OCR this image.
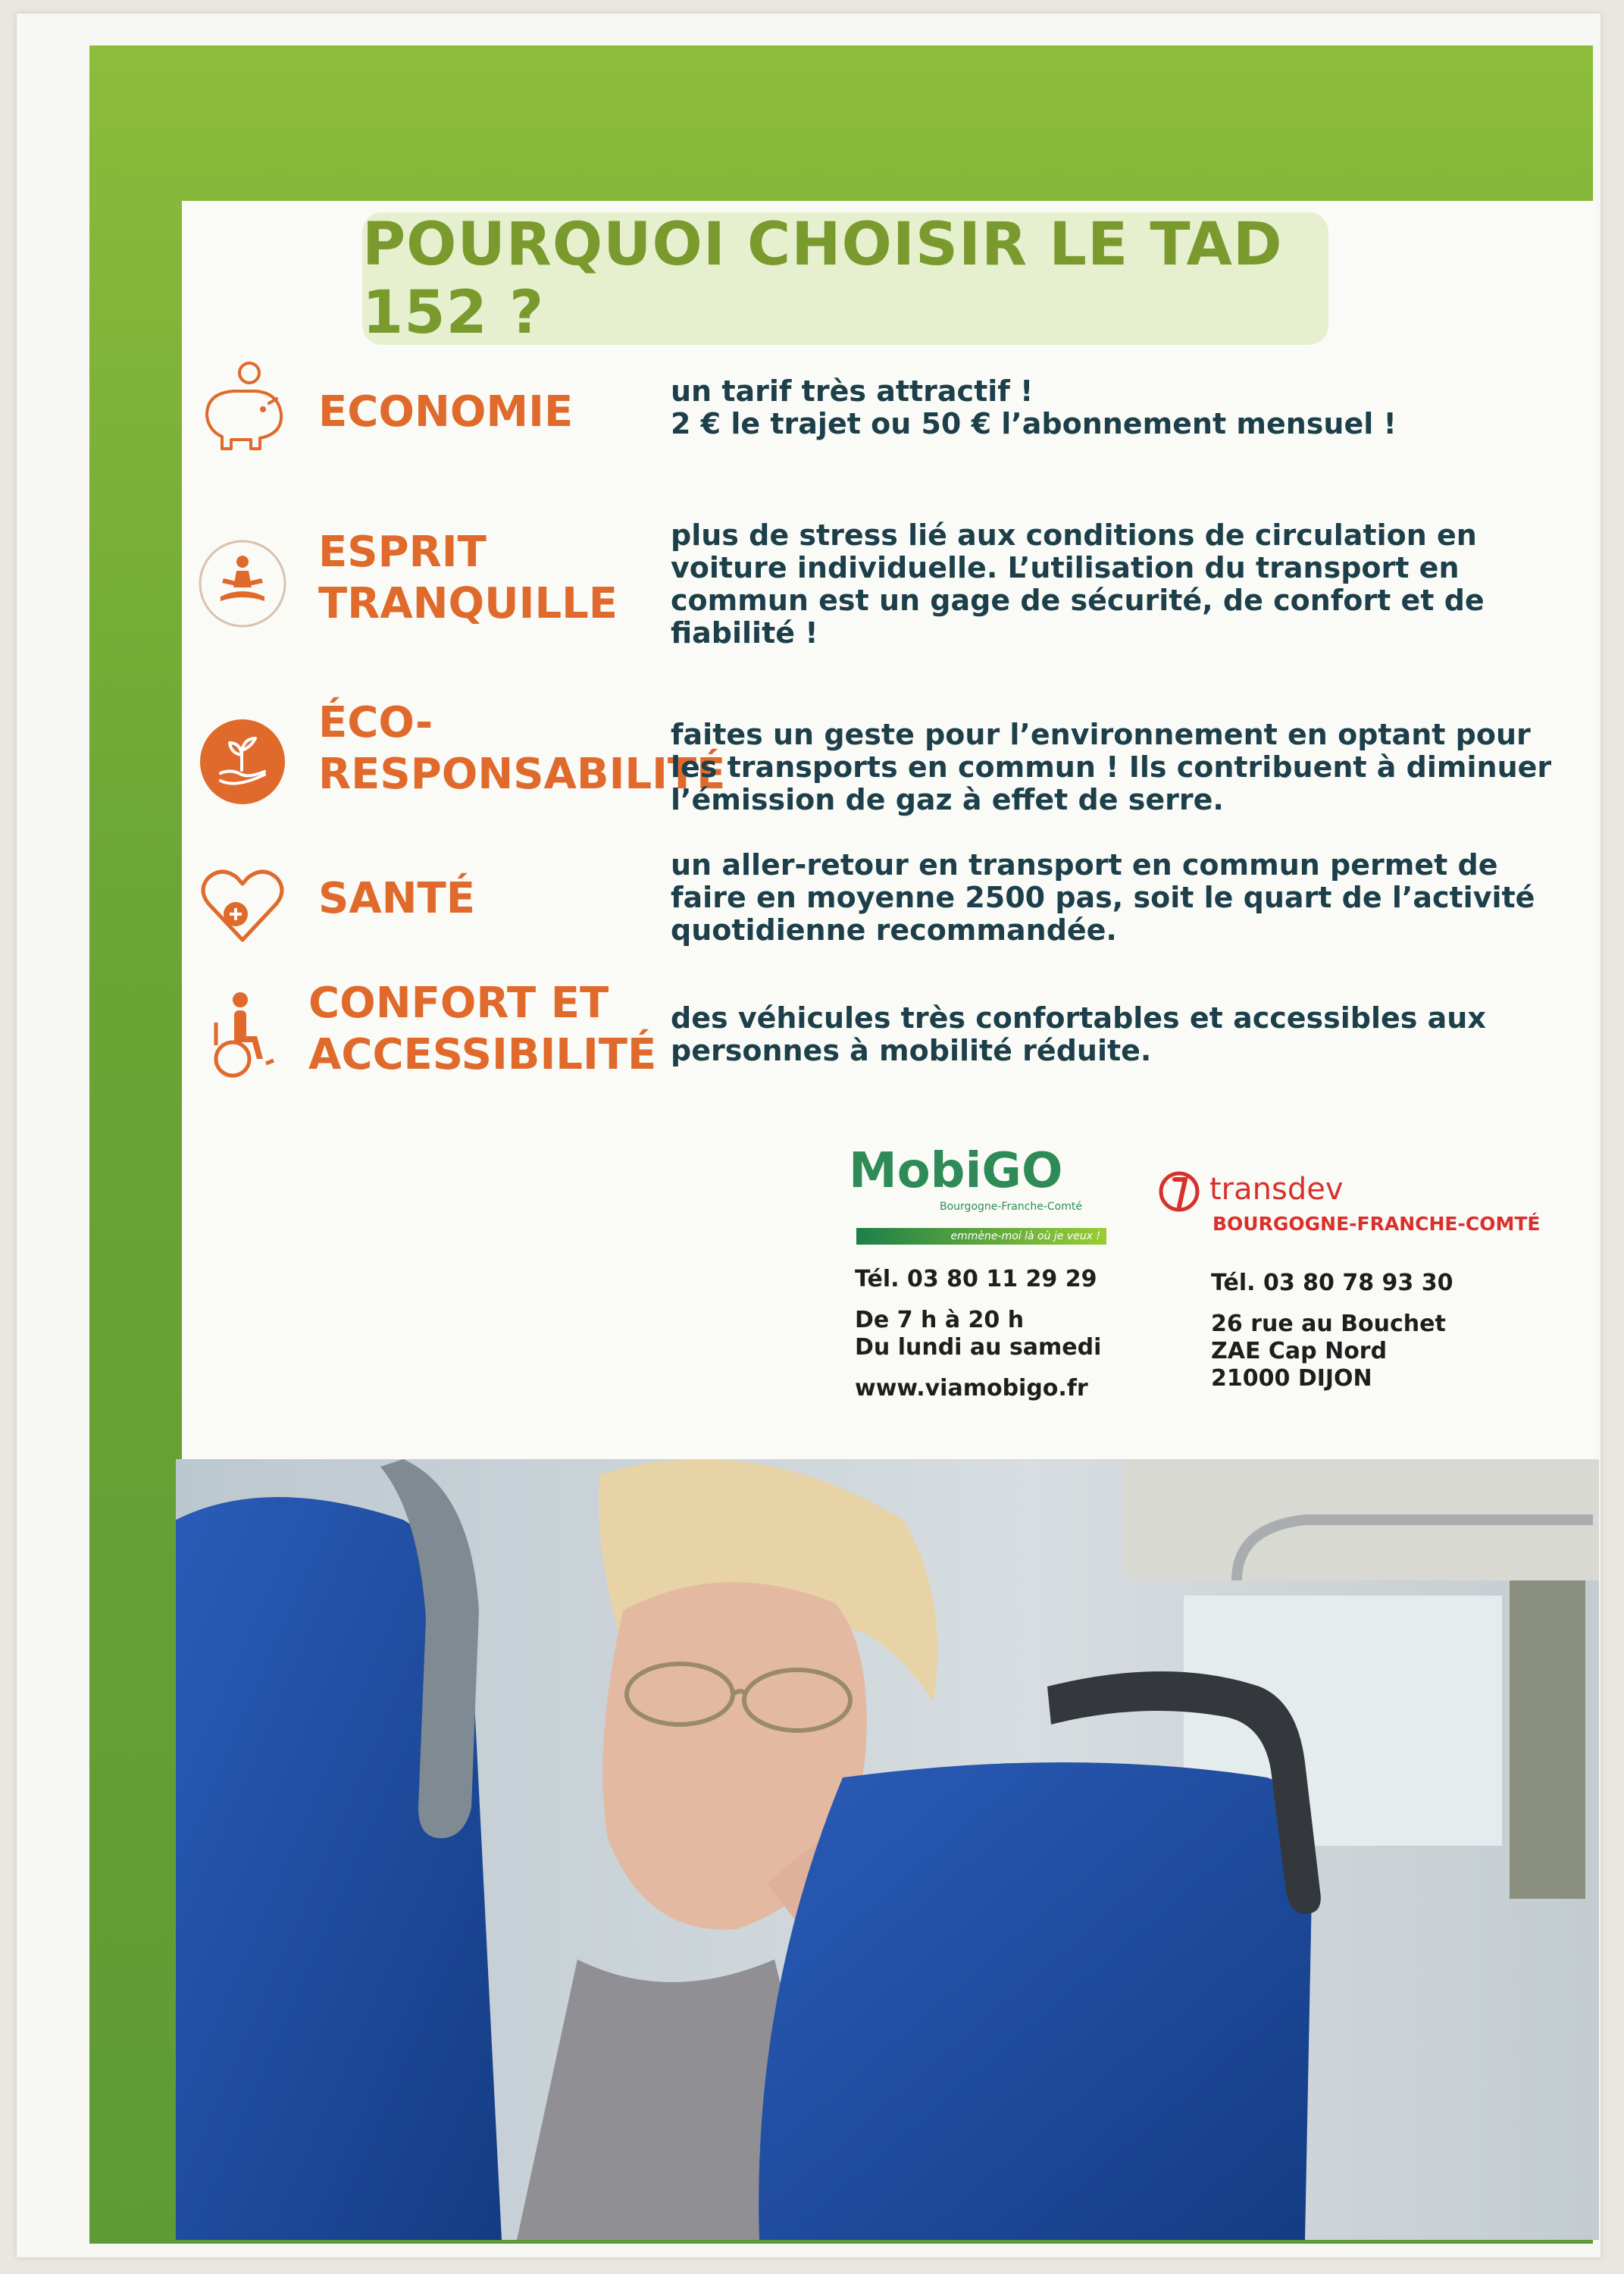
POURQUOI CHOISIR LE TAD 152 ?
ECONOMIE	un tarif très attractif !
2 € le trajet ou 50 € l’abonnement mensuel !
ESPRIT
TRANQUILLE
plus de stress lié aux conditions de circulation en
voiture individuelle. L’utilisation du transport en
commun est un gage de sécurité, de confort et de
fiabilité !
ÉCO-
RESPONSABILITÉ
faites un geste pour l’environnement en optant pour
les transports en commun ! Ils contribuent à diminuer
l’émission de gaz à effet de serre.
SANTÉ
un aller-retour en transport en commun permet de
faire en moyenne 2500 pas, soit le quart de l’activité
quotidienne recommandée.
CONFORT ET
ACCESSIBILITÉ
des véhicules très confortables et accessibles aux
personnes à mobilité réduite.
MobiGO
Bourgogne-Franche-Comté
emmène-moi là où je veux !
Tél. 03 80 11 29 29
De 7 h à 20 h
Du lundi au samedi
www.viamobigo.fr
transdev
BOURGOGNE-FRANCHE-COMTÉ
Tél. 03 80 78 93 30
26 rue au Bouchet
ZAE Cap Nord
21000 DIJON
